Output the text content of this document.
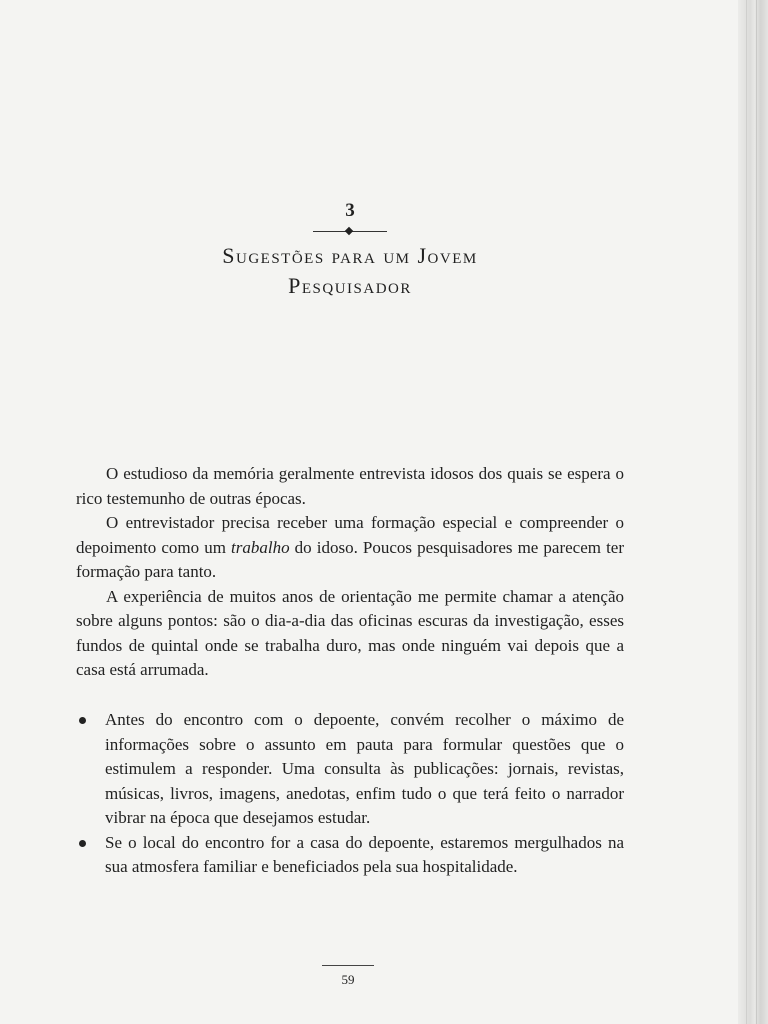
3
Sugestões para um Jovem
Pesquisador

O estudioso da memória geralmente entrevista idosos dos quais se espera o rico testemunho de outras épocas.

O entrevistador precisa receber uma formação especial e compreender o depoimento como um trabalho do idoso. Poucos pesquisadores me parecem ter formação para tanto.

A experiência de muitos anos de orientação me permite chamar a atenção sobre alguns pontos: são o dia-a-dia das oficinas escuras da investigação, esses fundos de quintal onde se trabalha duro, mas onde ninguém vai depois que a casa está arrumada.

Antes do encontro com o depoente, convém recolher o máximo de informações sobre o assunto em pauta para formular questões que o estimulem a responder. Uma consulta às publicações: jornais, revistas, músicas, livros, imagens, anedotas, enfim tudo o que terá feito o narrador vibrar na época que desejamos estudar.
Se o local do encontro for a casa do depoente, estaremos mergulhados na sua atmosfera familiar e beneficiados pela sua hospitalidade.
59
